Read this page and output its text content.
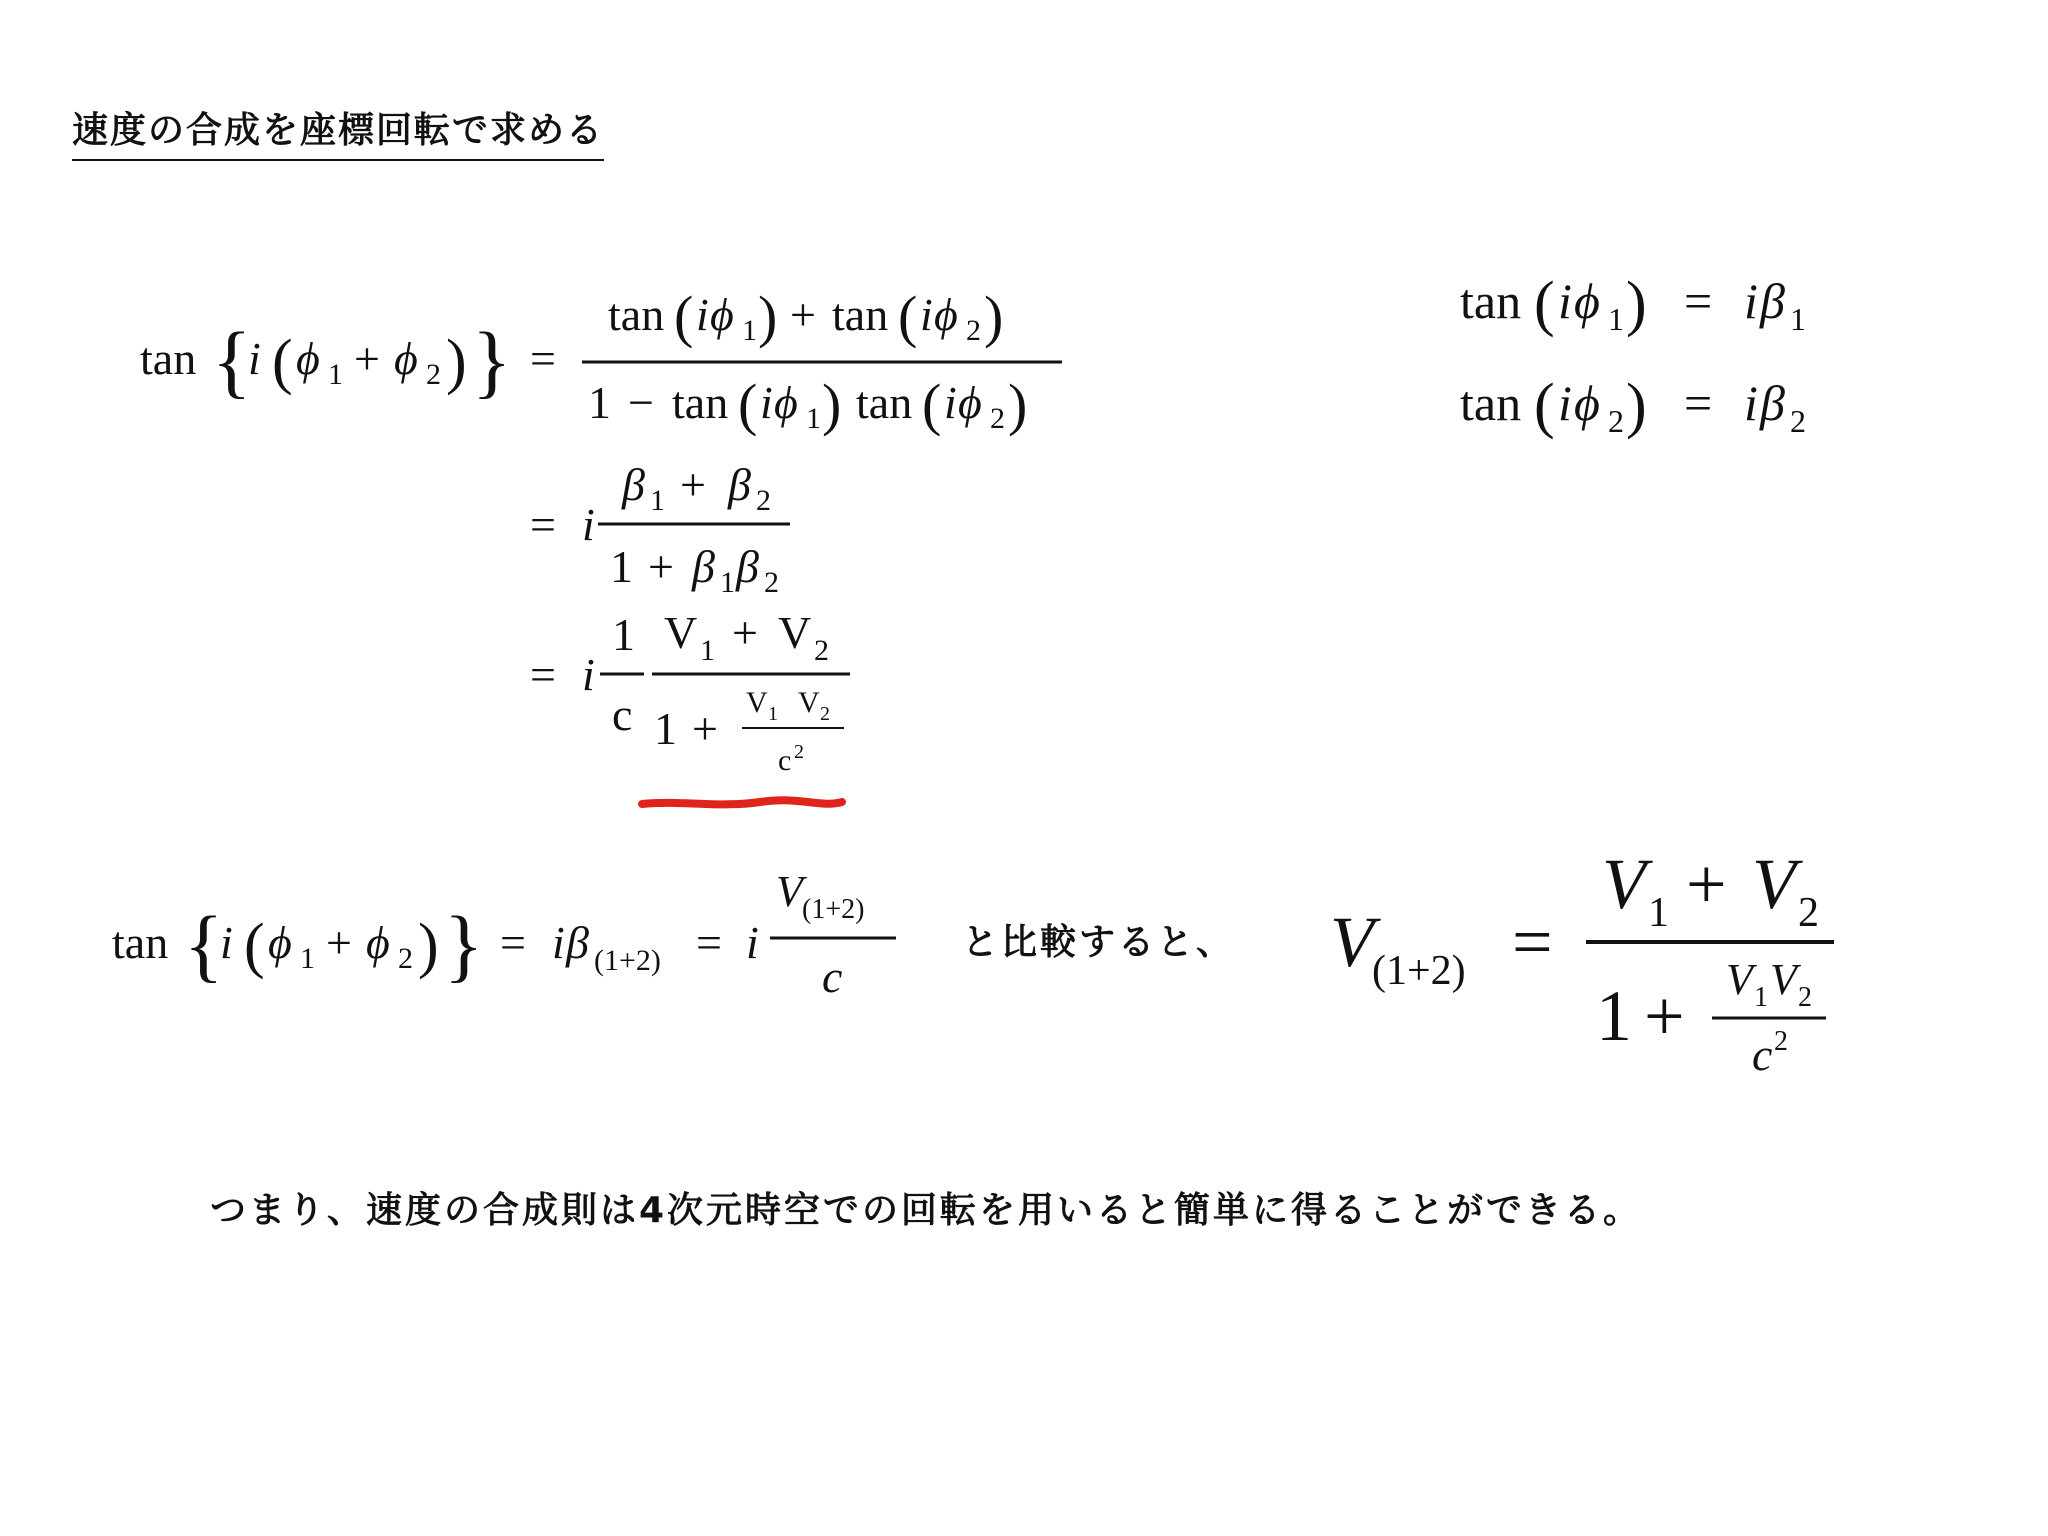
速度の合成を座標回転で求める
tan {
i ( ϕ 1 + ϕ 2 ) } =
tan ( i ϕ 1 ) + tan ( i ϕ 2 )
1 − tan ( i ϕ 1 ) tan ( i ϕ 2 )
= i
β 1 + β 2
1 + β 1 β 2
= i
1
c
V 1 + V 2
1 +
V 1 V 2
c 2
tan ( i ϕ 1 ) = i β 1
tan ( i ϕ 2 ) = i β 2
tan {
i ( ϕ 1 + ϕ 2 ) } = i β (1+2) = i
V (1+2)
c	V
(1+2) =
V 1 + V 2
1 + V 1 V 2
c 2
と比較すると、
つまり、速度の合成則は4次元時空での回転を用いると簡単に得ることができる。
